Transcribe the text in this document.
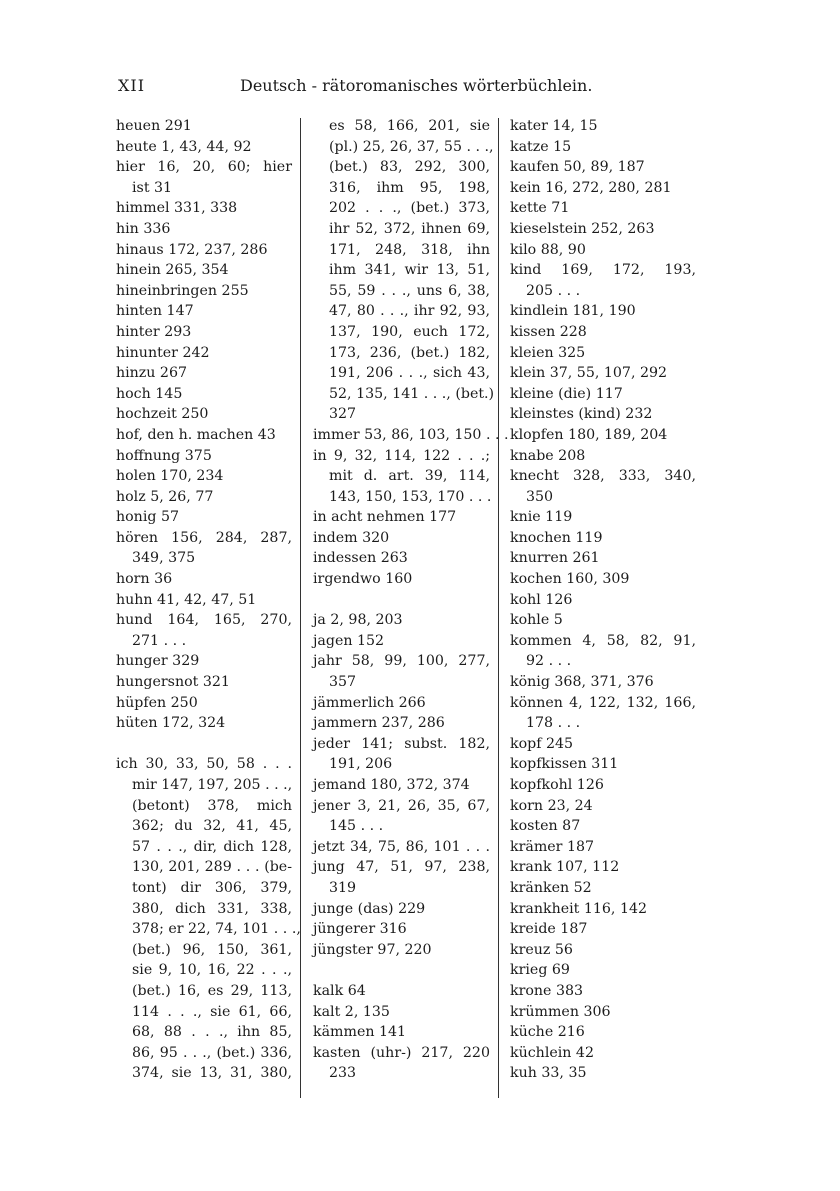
XII	Deutsch - rätoromanisches wörterbüchlein.
heuen 291
heute 1, 43, 44, 92
hier 16, 20, 60; hier
ist 31
himmel 331, 338
hin 336
hinaus 172, 237, 286
hinein 265, 354
hineinbringen 255
hinten 147
hinter 293
hinunter 242
hinzu 267
hoch 145
hochzeit 250
hof, den h. machen 43
hoffnung 375
holen 170, 234
holz 5, 26, 77
honig 57
hören 156, 284, 287,
349, 375
horn 36
huhn 41, 42, 47, 51
hund 164, 165, 270,
271 . . .
hunger 329
hungersnot 321
hüpfen 250
hüten 172, 324
ich 30, 33, 50, 58 . . .
mir 147, 197, 205 . . .,
(betont) 378, mich
362; du 32, 41, 45,
57 . . ., dir, dich 128,
130, 201, 289 . . . (be-
tont) dir 306, 379,
380, dich 331, 338,
378; er 22, 74, 101 . . .,
(bet.) 96, 150, 361,
sie 9, 10, 16, 22 . . .,
(bet.) 16, es 29, 113,
114 . . ., sie 61, 66,
68, 88 . . ., ihn 85,
86, 95 . . ., (bet.) 336,
374, sie 13, 31, 380,
es 58, 166, 201, sie
(pl.) 25, 26, 37, 55 . . .,
(bet.) 83, 292, 300,
316, ihm 95, 198,
202 . . ., (bet.) 373,
ihr 52, 372, ihnen 69,
171, 248, 318, ihn
ihm 341, wir 13, 51,
55, 59 . . ., uns 6, 38,
47, 80 . . ., ihr 92, 93,
137, 190, euch 172,
173, 236, (bet.) 182,
191, 206 . . ., sich 43,
52, 135, 141 . . ., (bet.)
327
immer 53, 86, 103, 150 . . .
in 9, 32, 114, 122 . . .;
mit d. art. 39, 114,
143, 150, 153, 170 . . .
in acht nehmen 177
indem 320
indessen 263
irgendwo 160
ja 2, 98, 203
jagen 152
jahr 58, 99, 100, 277,
357
jämmerlich 266
jammern 237, 286
jeder 141; subst. 182,
191, 206
jemand 180, 372, 374
jener 3, 21, 26, 35, 67,
145 . . .
jetzt 34, 75, 86, 101 . . .
jung 47, 51, 97, 238,
319
junge (das) 229
jüngerer 316
jüngster 97, 220
kalk 64
kalt 2, 135
kämmen 141
kasten (uhr-) 217, 220
233
kater 14, 15
katze 15
kaufen 50, 89, 187
kein 16, 272, 280, 281
kette 71
kieselstein 252, 263
kilo 88, 90
kind 169, 172, 193,
205 . . .
kindlein 181, 190
kissen 228
kleien 325
klein 37, 55, 107, 292
kleine (die) 117
kleinstes (kind) 232
klopfen 180, 189, 204
knabe 208
knecht 328, 333, 340,
350
knie 119
knochen 119
knurren 261
kochen 160, 309
kohl 126
kohle 5
kommen 4, 58, 82, 91,
92 . . .
könig 368, 371, 376
können 4, 122, 132, 166,
178 . . .
kopf 245
kopfkissen 311
kopfkohl 126
korn 23, 24
kosten 87
krämer 187
krank 107, 112
kränken 52
krankheit 116, 142
kreide 187
kreuz 56
krieg 69
krone 383
krümmen 306
küche 216
küchlein 42
kuh 33, 35
